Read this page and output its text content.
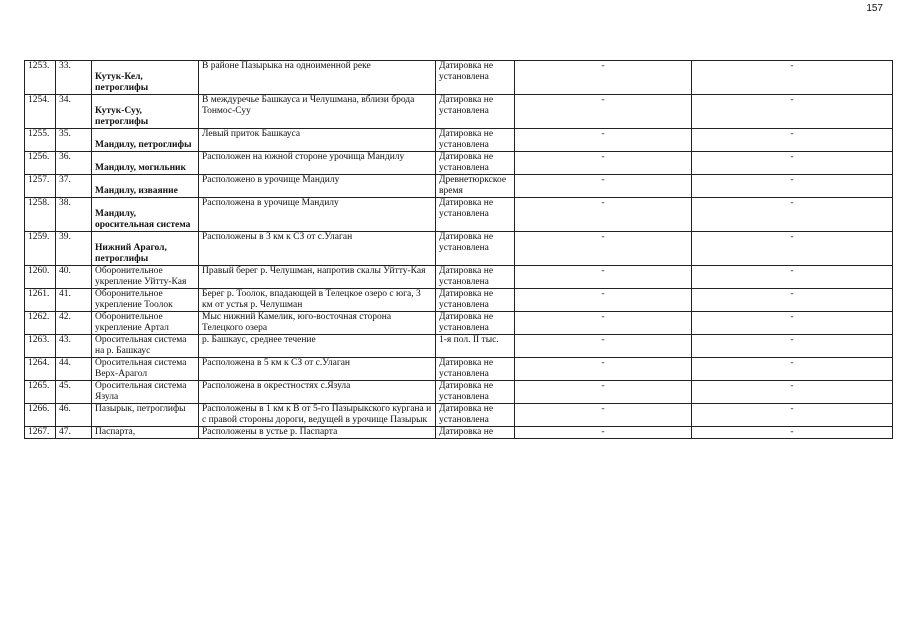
157
1253.	33.	Кутук-Кел, петроглифы	В районе Пазырыка на одноименной реке	Датировка не установлена	-	-
1254.	34.	Кутук-Суу, петроглифы	В междуречье Башкауса и Челушмана, вблизи брода Тонмос-Суу	Датировка не установлена	-	-
1255.	35.	Мандилу, петроглифы	Левый приток Башкауса	Датировка не установлена	-	-
1256.	36.	Мандилу, могильник	Расположен на южной стороне урочища Мандилу	Датировка не установлена	-	-
1257.	37.	Мандилу, изваяние	Расположено в урочище Мандилу	Древнетюркское время	-	-
1258.	38.	Мандилу, оросительная система	Расположена в урочище Мандилу	Датировка не установлена	-	-
1259.	39.	Нижний Арагол, петроглифы	Расположены в 3 км к СЗ от с.Улаган	Датировка не установлена	-	-
1260.	40.	Оборонительное укрепление Уйтту-Кая	Правый берег р. Челушман, напротив скалы Уйтту-Кая	Датировка не установлена	-	-
1261.	41.	Оборонительное укрепление Тоолок	Берег р. Тоолок, впадающей в Телецкое озеро с юга, 3 км от устья р. Челушман	Датировка не установлена	-	-
1262.	42.	Оборонительное укрепление Артал	Мыс нижний Камелик, юго-восточная сторона Телецкого озера	Датировка не установлена	-	-
1263.	43.	Оросительная система на р. Башкаус	р. Башкаус, среднее течение	1-я пол. II тыс.	-	-
1264.	44.	Оросительная система Верх-Арагол	Расположена в 5 км к СЗ от с.Улаган	Датировка не установлена	-	-
1265.	45.	Оросительная система Язула	Расположена в окрестностях с.Язула	Датировка не установлена	-	-
1266.	46.	Пазырык, петроглифы	Расположены в 1 км к В от 5-го Пазырыкского кургана и с правой стороны дороги, ведущей в урочище Пазырык	Датировка не установлена	-	-
1267.	47.	Паспарта,	Расположены в устье р. Паспарта	Датировка не	-	-
